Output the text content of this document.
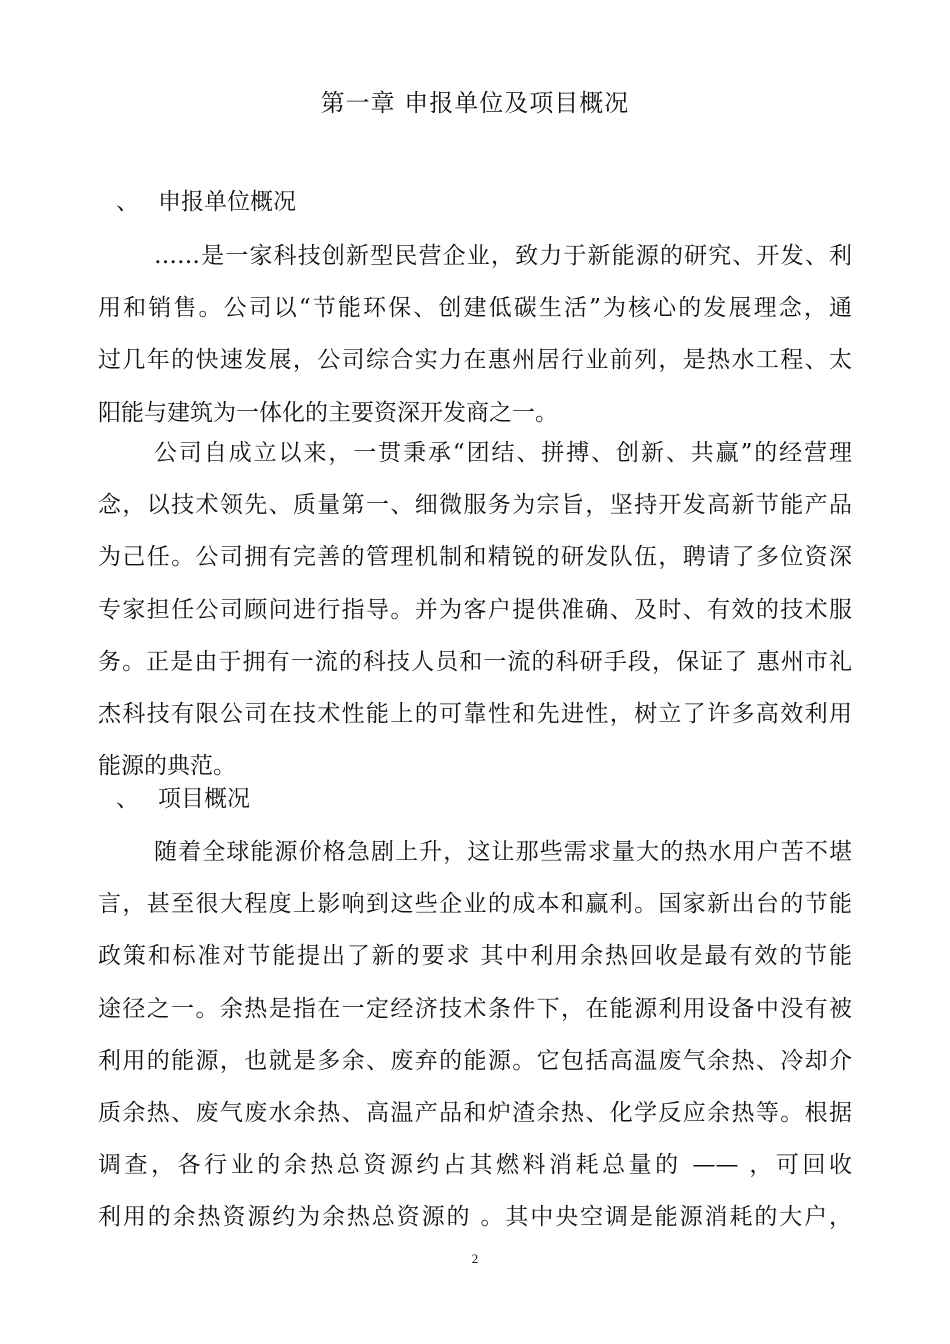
第一章 申报单位及项目概况
、 申报单位概况
……是一家科技创新型民营企业，致力于新能源的研究、开发、利
用和销售。公司以“节能环保、创建低碳生活”为核心的发展理念，通
过几年的快速发展，公司综合实力在惠州居行业前列，是热水工程、太
阳能与建筑为一体化的主要资深开发商之一。
公司自成立以来，一贯秉承“团结、拼搏、创新、共赢”的经营理
念，以技术领先、质量第一、细微服务为宗旨，坚持开发高新节能产品
为己任。公司拥有完善的管理机制和精锐的研发队伍，聘请了多位资深
专家担任公司顾问进行指导。并为客户提供准确、及时、有效的技术服
务。正是由于拥有一流的科技人员和一流的科研手段，保证了 惠州市礼
杰科技有限公司在技术性能上的可靠性和先进性，树立了许多高效利用
能源的典范。
、 项目概况
随着全球能源价格急剧上升，这让那些需求量大的热水用户苦不堪
言，甚至很大程度上影响到这些企业的成本和赢利。国家新出台的节能
政策和标准对节能提出了新的要求 其中利用余热回收是最有效的节能
途径之一。余热是指在一定经济技术条件下，在能源利用设备中没有被
利用的能源，也就是多余、废弃的能源。它包括高温废气余热、冷却介
质余热、废气废水余热、高温产品和炉渣余热、化学反应余热等。根据
调查，各行业的余热总资源约占其燃料消耗总量的 —— ，可回收
利用的余热资源约为余热总资源的 。其中央空调是能源消耗的大户，
2
